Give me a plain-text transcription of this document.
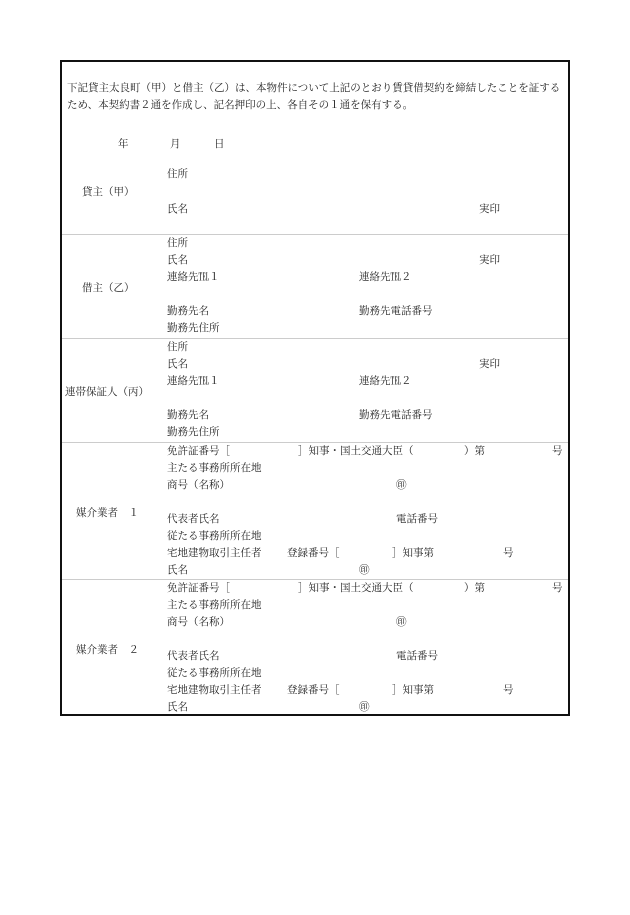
下記貸主太良町（甲）と借主（乙）は、本物件について上記のとおり賃貸借契約を締結したことを証するため、本契約書２通を作成し、記名押印の上、各自その１通を保有する。
年	月	日
貸主（甲）
住所
氏名	実印
借主（乙）
住所
氏名	実印
連絡先℡１	連絡先℡２
勤務先名	勤務先電話番号
勤務先住所
連帯保証人（丙）
住所
氏名	実印
連絡先℡１	連絡先℡２
勤務先名	勤務先電話番号
勤務先住所
媒介業者　１
免許証番号［	］知事・国土交通大臣（	）第	号
主たる事務所所在地
商号（名称）	㊞
代表者氏名	電話番号
従たる事務所所在地
宅地建物取引主任者 登録番号［	］知事第	号
氏名	㊞
媒介業者　２
免許証番号［	］知事・国土交通大臣（	）第	号
主たる事務所所在地
商号（名称）	㊞
代表者氏名	電話番号
従たる事務所所在地
宅地建物取引主任者 登録番号［	］知事第	号
氏名	㊞
